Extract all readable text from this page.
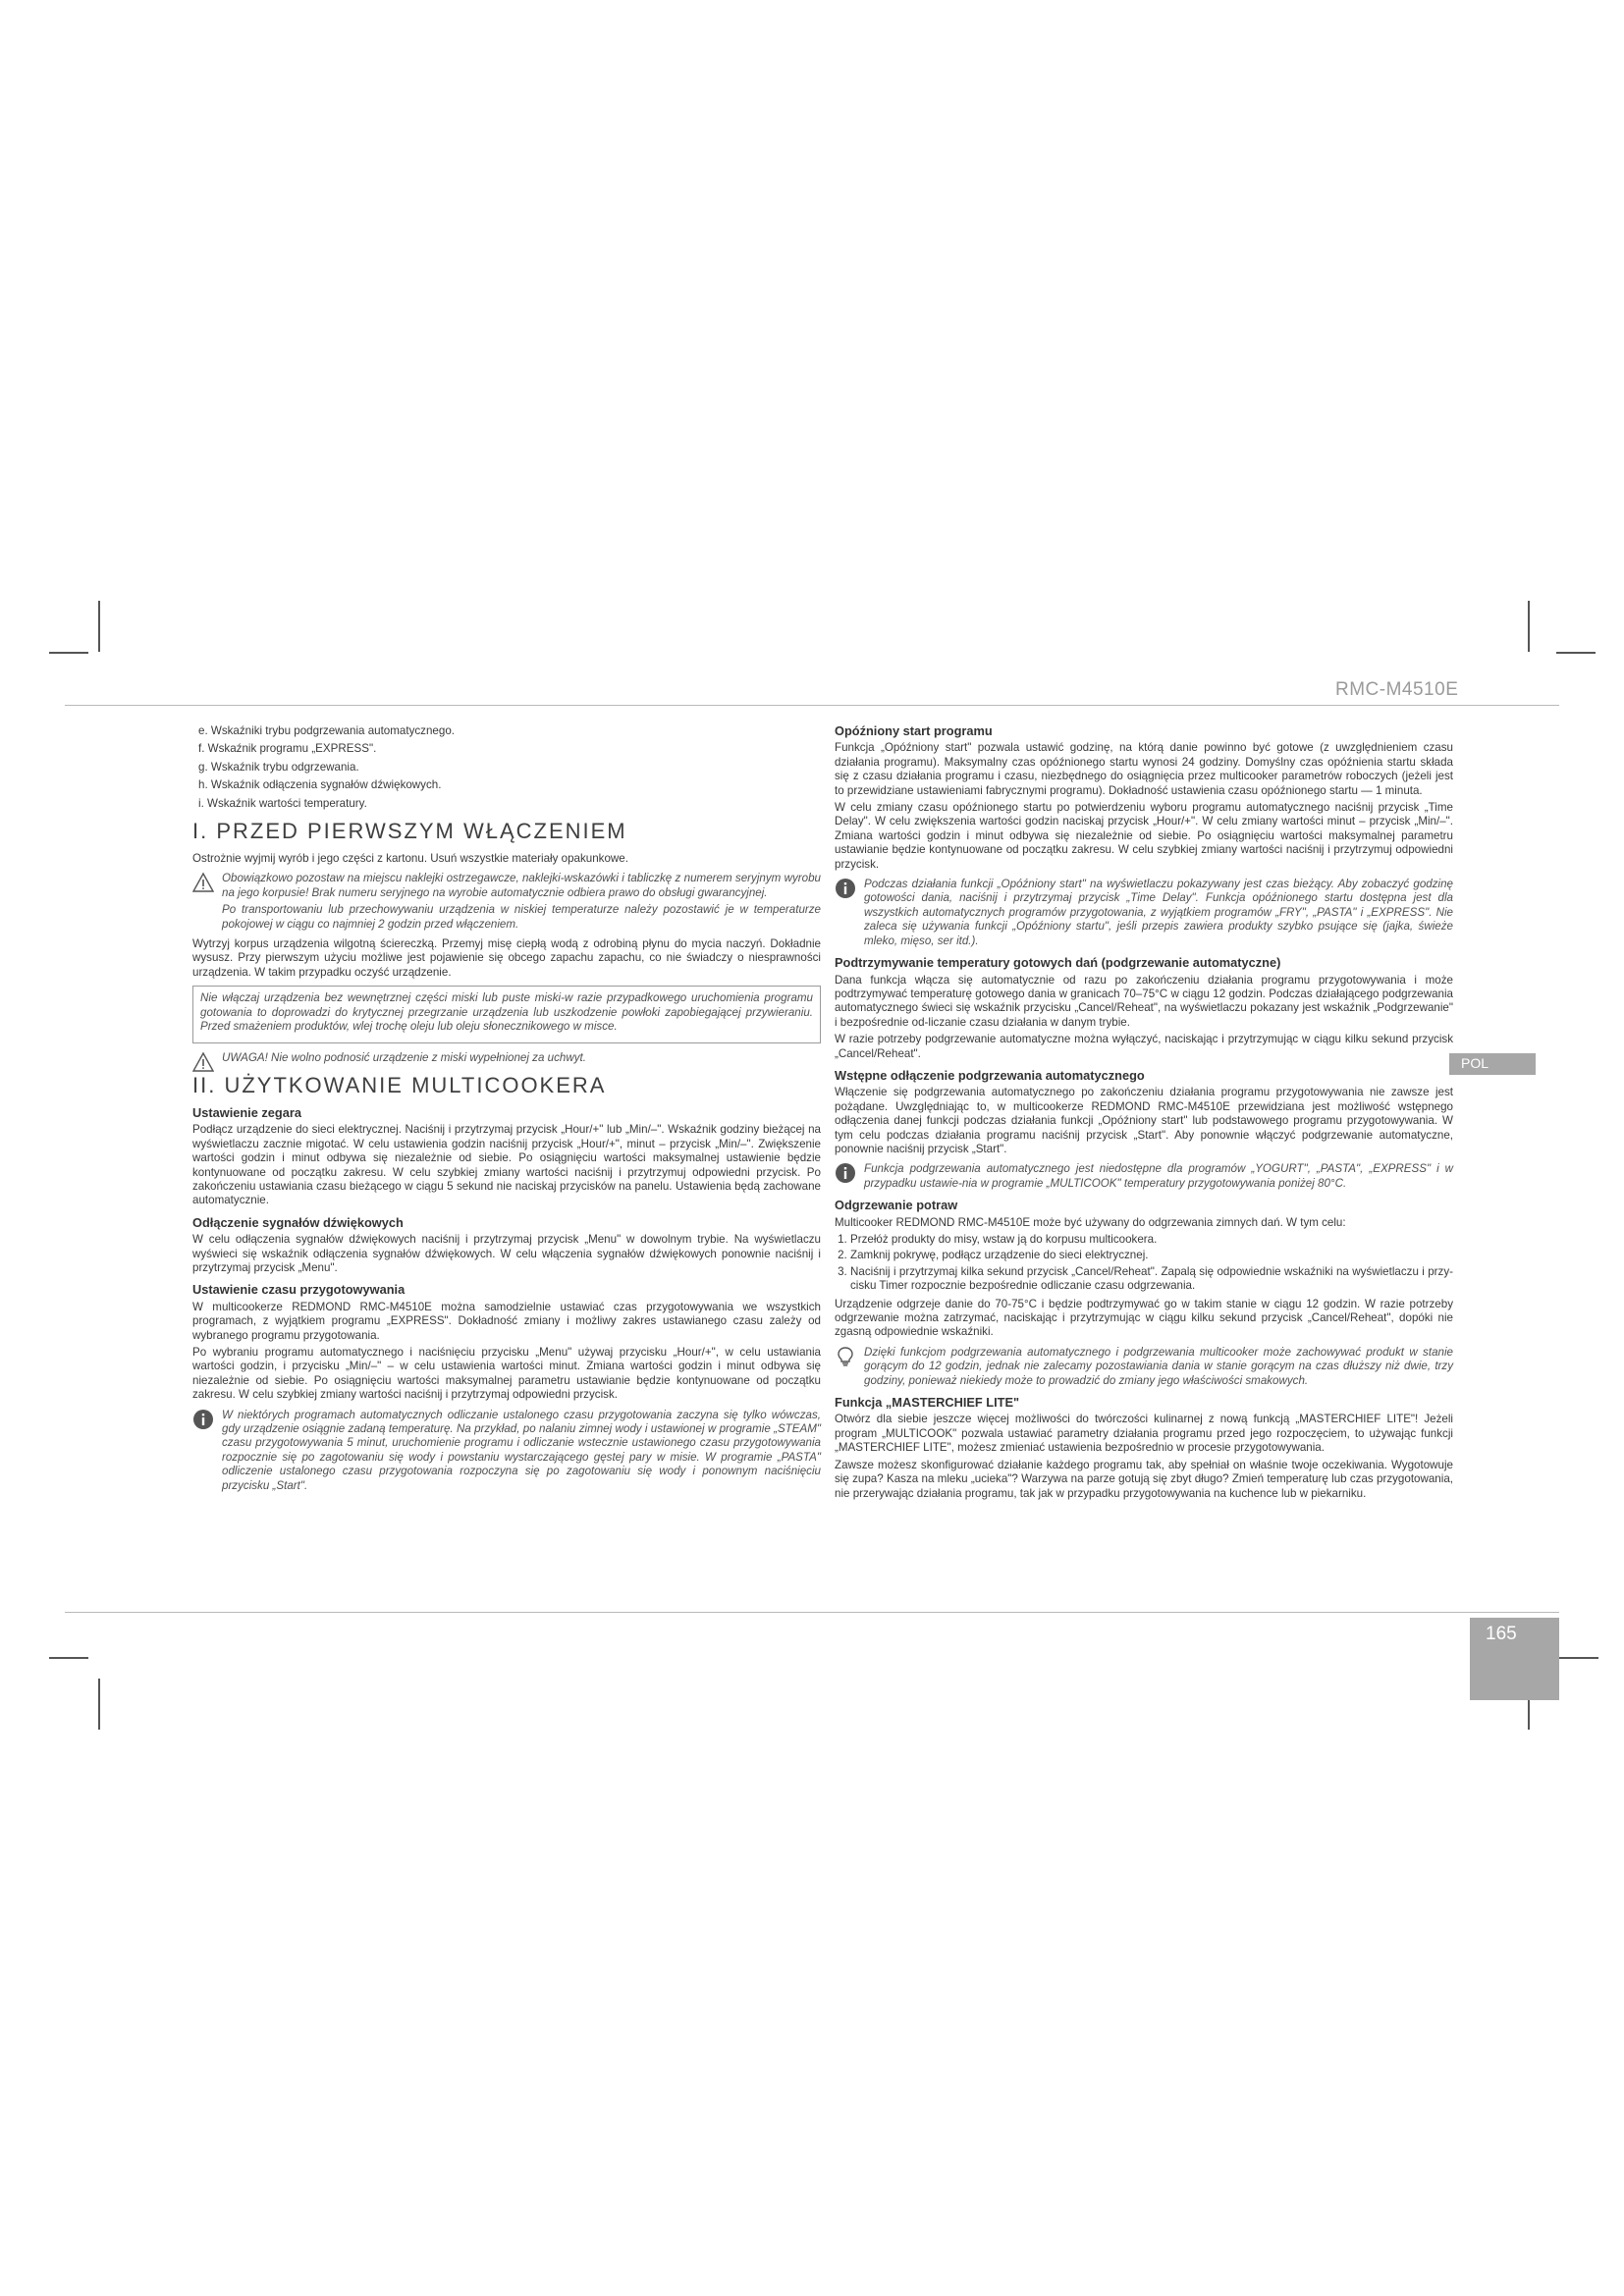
RMC-M4510E
POL
165
e. Wskaźniki trybu podgrzewania automatycznego.
f. Wskaźnik programu „EXPRESS".
g. Wskaźnik trybu odgrzewania.
h. Wskaźnik odłączenia sygnałów dźwiękowych.
i. Wskaźnik wartości temperatury.
I. PRZED PIERWSZYM WŁĄCZENIEM

Ostrożnie wyjmij wyrób i jego części z kartonu. Usuń wszystkie materiały opakunkowe.

Obowiązkowo pozostaw na miejscu naklejki ostrzegawcze, naklejki-wskazówki i tabliczkę z numerem seryjnym wyrobu na jego korpusie! Brak numeru seryjnego na wyrobie automatycznie odbiera prawo do obsługi gwarancyjnej.

Po transportowaniu lub przechowywaniu urządzenia w niskiej temperaturze należy pozostawić je w temperaturze pokojowej w ciągu co najmniej 2 godzin przed włączeniem.

Wytrzyj korpus urządzenia wilgotną ściereczką. Przemyj misę ciepłą wodą z odrobiną płynu do mycia naczyń. Dokładnie wysusz. Przy pierwszym użyciu możliwe jest pojawienie się obcego zapachu zapachu, co nie świadczy o niesprawności urządzenia. W takim przypadku oczyść urządzenie.

Nie włączaj urządzenia bez wewnętrznej części miski lub puste miski-w razie przypadkowego uruchomienia programu gotowania to doprowadzi do krytycznej przegrzanie urządzenia lub uszkodzenie powłoki zapobiegającej przywieraniu. Przed smażeniem produktów, wlej trochę oleju lub oleju słonecznikowego w misce.

UWAGA! Nie wolno podnosić urządzenie z miski wypełnionej za uchwyt.

II. UŻYTKOWANIE MULTICOOKERA
Ustawienie zegara

Podłącz urządzenie do sieci elektrycznej. Naciśnij i przytrzymaj przycisk „Hour/+" lub „Min/–". Wskaźnik godziny bieżącej na wyświetlaczu zacznie migotać. W celu ustawienia godzin naciśnij przycisk „Hour/+", minut – przycisk „Min/–". Zwiększenie wartości godzin i minut odbywa się niezależnie od siebie. Po osiągnięciu wartości maksymalnej ustawienie będzie kontynuowane od początku zakresu. W celu szybkiej zmiany wartości naciśnij i przytrzymuj odpowiedni przycisk. Po zakończeniu ustawiania czasu bieżącego w ciągu 5 sekund nie naciskaj przycisków na panelu. Ustawienia będą zachowane automatycznie.

Odłączenie sygnałów dźwiękowych

W celu odłączenia sygnałów dźwiękowych naciśnij i przytrzymaj przycisk „Menu" w dowolnym trybie. Na wyświetlaczu wyświeci się wskaźnik odłączenia sygnałów dźwiękowych. W celu włączenia sygnałów dźwiękowych ponownie naciśnij i przytrzymaj przycisk „Menu".

Ustawienie czasu przygotowywania

W multicookerze REDMOND RMC-M4510E można samodzielnie ustawiać czas przygotowywania we wszystkich programach, z wyjątkiem programu „EXPRESS". Dokładność zmiany i możliwy zakres ustawianego czasu zależy od wybranego programu przygotowania.

Po wybraniu programu automatycznego i naciśnięciu przycisku „Menu" używaj przycisku „Hour/+", w celu ustawiania wartości godzin, i przycisku „Min/–" – w celu ustawienia wartości minut. Zmiana wartości godzin i minut odbywa się niezależnie od siebie. Po osiągnięciu wartości maksymalnej parametru ustawianie będzie kontynuowane od początku zakresu. W celu szybkiej zmiany wartości naciśnij i przytrzymaj odpowiedni przycisk.

W niektórych programach automatycznych odliczanie ustalonego czasu przygotowania zaczyna się tylko wówczas, gdy urządzenie osiągnie zadaną temperaturę. Na przykład, po nalaniu zimnej wody i ustawionej w programie „STEAM" czasu przygotowywania 5 minut, uruchomienie programu i odliczanie wstecznie ustawionego czasu przygotowywania rozpocznie się po zagotowaniu się wody i powstaniu wystarczającego gęstej pary w misie. W programie „PASTA" odliczenie ustalonego czasu przygotowania rozpoczyna się po zagotowaniu się wody i ponownym naciśnięciu przycisku „Start".

Opóźniony start programu

Funkcja „Opóźniony start" pozwala ustawić godzinę, na którą danie powinno być gotowe (z uwzględnieniem czasu działania programu). Maksymalny czas opóźnionego startu wynosi 24 godziny. Domyślny czas opóźnienia startu składa się z czasu działania programu i czasu, niezbędnego do osiągnięcia przez multicooker parametrów roboczych (jeżeli jest to przewidziane ustawieniami fabrycznymi programu). Dokładność ustawienia czasu opóźnionego startu — 1 minuta.

W celu zmiany czasu opóźnionego startu po potwierdzeniu wyboru programu automatycznego naciśnij przycisk „Time Delay". W celu zwiększenia wartości godzin naciskaj przycisk „Hour/+". W celu zmiany wartości minut – przycisk „Min/–". Zmiana wartości godzin i minut odbywa się niezależnie od siebie. Po osiągnięciu wartości maksymalnej parametru ustawianie będzie kontynuowane od początku zakresu. W celu szybkiej zmiany wartości naciśnij i przytrzymuj odpowiedni przycisk.

Podczas działania funkcji „Opóźniony start" na wyświetlaczu pokazywany jest czas bieżący. Aby zobaczyć godzinę gotowości dania, naciśnij i przytrzymaj przycisk „Time Delay". Funkcja opóźnionego startu dostępna jest dla wszystkich automatycznych programów przygotowania, z wyjątkiem programów „FRY", „PASTA" i „EXPRESS". Nie zaleca się używania funkcji „Opóźniony startu", jeśli przepis zawiera produkty szybko psujące się (jajka, świeże mleko, mięso, ser itd.).

Podtrzymywanie temperatury gotowych dań (podgrzewanie automatyczne)

Dana funkcja włącza się automatycznie od razu po zakończeniu działania programu przygotowywania i może podtrzymywać temperaturę gotowego dania w granicach 70–75°C w ciągu 12 godzin. Podczas działającego podgrzewania automatycznego świeci się wskaźnik przycisku „Cancel/Reheat", na wyświetlaczu pokazany jest wskaźnik „Podgrzewanie" i bezpośrednie od-liczanie czasu działania w danym trybie.

W razie potrzeby podgrzewanie automatyczne można wyłączyć, naciskając i przytrzymując w ciągu kilku sekund przycisk „Cancel/Reheat".

Wstępne odłączenie podgrzewania automatycznego

Włączenie się podgrzewania automatycznego po zakończeniu działania programu przygotowywania nie zawsze jest pożądane. Uwzględniając to, w multicookerze REDMOND RMC-M4510E przewidziana jest możliwość wstępnego odłączenia danej funkcji podczas działania funkcji „Opóźniony start" lub podstawowego programu przygotowywania. W tym celu podczas działania programu naciśnij przycisk „Start". Aby ponownie włączyć podgrzewanie automatyczne, ponownie naciśnij przycisk „Start".

Funkcja podgrzewania automatycznego jest niedostępne dla programów „YOGURT", „PASTA", „EXPRESS" i w przypadku ustawie-nia w programie „MULTICOOK" temperatury przygotowywania poniżej 80°C.

Odgrzewanie potraw

Multicooker REDMOND RMC-M4510E może być używany do odgrzewania zimnych dań. W tym celu:

1. Przełóż produkty do misy, wstaw ją do korpusu multicookera.
2. Zamknij pokrywę, podłącz urządzenie do sieci elektrycznej.
3. Naciśnij i przytrzymaj kilka sekund przycisk „Cancel/Reheat". Zapalą się odpowiednie wskaźniki na wyświetlaczu i przy-cisku Timer rozpocznie bezpośrednie odliczanie czasu odgrzewania.

Urządzenie odgrzeje danie do 70-75°C i będzie podtrzymywać go w takim stanie w ciągu 12 godzin. W razie potrzeby odgrzewanie można zatrzymać, naciskając i przytrzymując w ciągu kilku sekund przycisk „Cancel/Reheat", dopóki nie zgasną odpowiednie wskaźniki.

Dzięki funkcjom podgrzewania automatycznego i podgrzewania multicooker może zachowywać produkt w stanie gorącym do 12 godzin, jednak nie zalecamy pozostawiania dania w stanie gorącym na czas dłuższy niż dwie, trzy godziny, ponieważ niekiedy może to prowadzić do zmiany jego właściwości smakowych.

Funkcja „MASTERCHIEF LITE"

Otwórz dla siebie jeszcze więcej możliwości do twórczości kulinarnej z nową funkcją „MASTERCHIEF LITE"! Jeżeli program „MULTICOOK" pozwala ustawiać parametry działania programu przed jego rozpoczęciem, to używając funkcji „MASTERCHIEF LITE", możesz zmieniać ustawienia bezpośrednio w procesie przygotowywania.

Zawsze możesz skonfigurować działanie każdego programu tak, aby spełniał on właśnie twoje oczekiwania. Wygotowuje się zupa? Kasza na mleku „ucieka"? Warzywa na parze gotują się zbyt długo? Zmień temperaturę lub czas przygotowania, nie przerywając działania programu, tak jak w przypadku przygotowywania na kuchence lub w piekarniku.
